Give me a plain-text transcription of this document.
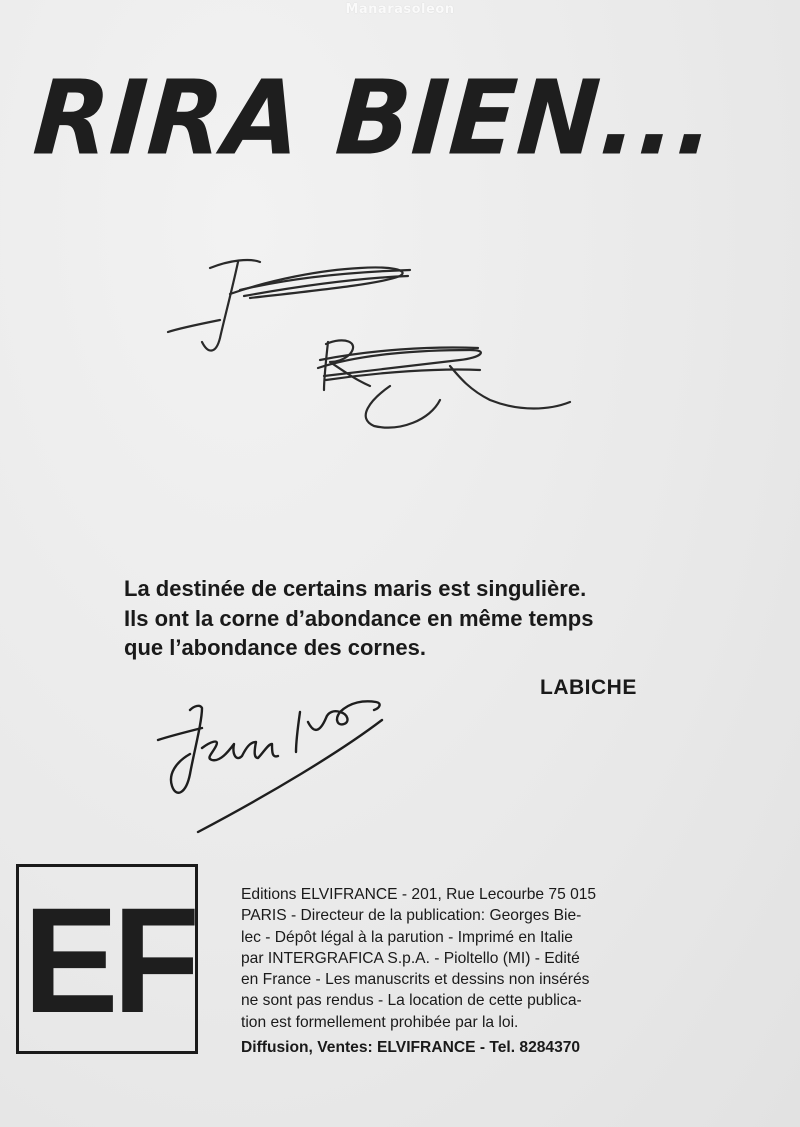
Manarasoleon
RIRA BIEN...
La destinée de certains maris est singulière.
Ils ont la corne d’abondance en même temps
que l’abondance des cornes.
LABICHE
EF	Editions ELVIFRANCE - 201, Rue Lecourbe 75 015
PARIS - Directeur de la publication: Georges Bie-
lec - Dépôt légal à la parution - Imprimé en Italie
par INTERGRAFICA S.p.A. - Pioltello (MI) - Edité
en France - Les manuscrits et dessins non insérés
ne sont pas rendus - La location de cette publica-
tion est formellement prohibée par la loi.
Diffusion, Ventes: ELVIFRANCE - Tel. 8284370
